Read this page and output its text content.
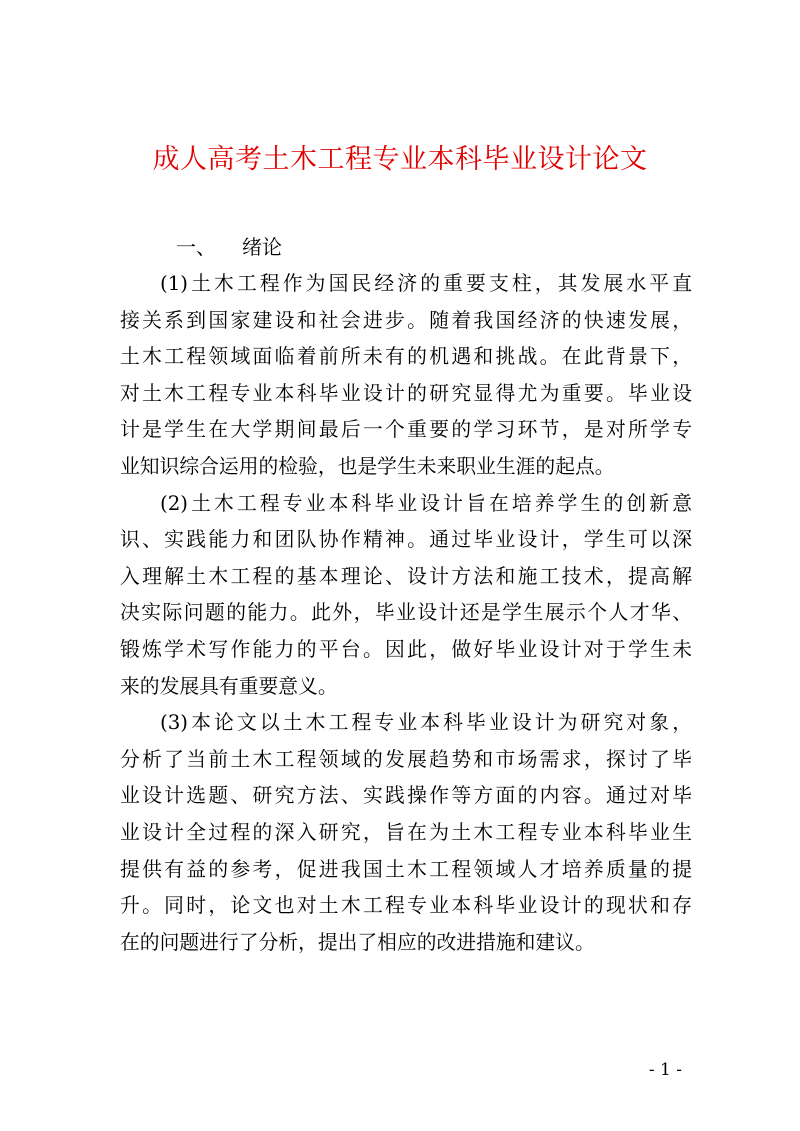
成人高考土木工程专业本科毕业设计论文
一、 绪论
(1)土木工程作为国民经济的重要支柱，其发展水平直
接关系到国家建设和社会进步。随着我国经济的快速发展，
土木工程领域面临着前所未有的机遇和挑战。在此背景下，
对土木工程专业本科毕业设计的研究显得尤为重要。毕业设
计是学生在大学期间最后一个重要的学习环节，是对所学专
业知识综合运用的检验，也是学生未来职业生涯的起点。
(2)土木工程专业本科毕业设计旨在培养学生的创新意
识、实践能力和团队协作精神。通过毕业设计，学生可以深
入理解土木工程的基本理论、设计方法和施工技术，提高解
决实际问题的能力。此外，毕业设计还是学生展示个人才华、
锻炼学术写作能力的平台。因此，做好毕业设计对于学生未
来的发展具有重要意义。
(3)本论文以土木工程专业本科毕业设计为研究对象，
分析了当前土木工程领域的发展趋势和市场需求，探讨了毕
业设计选题、研究方法、实践操作等方面的内容。通过对毕
业设计全过程的深入研究，旨在为土木工程专业本科毕业生
提供有益的参考，促进我国土木工程领域人才培养质量的提
升。同时，论文也对土木工程专业本科毕业设计的现状和存
在的问题进行了分析，提出了相应的改进措施和建议。
- 1 -
